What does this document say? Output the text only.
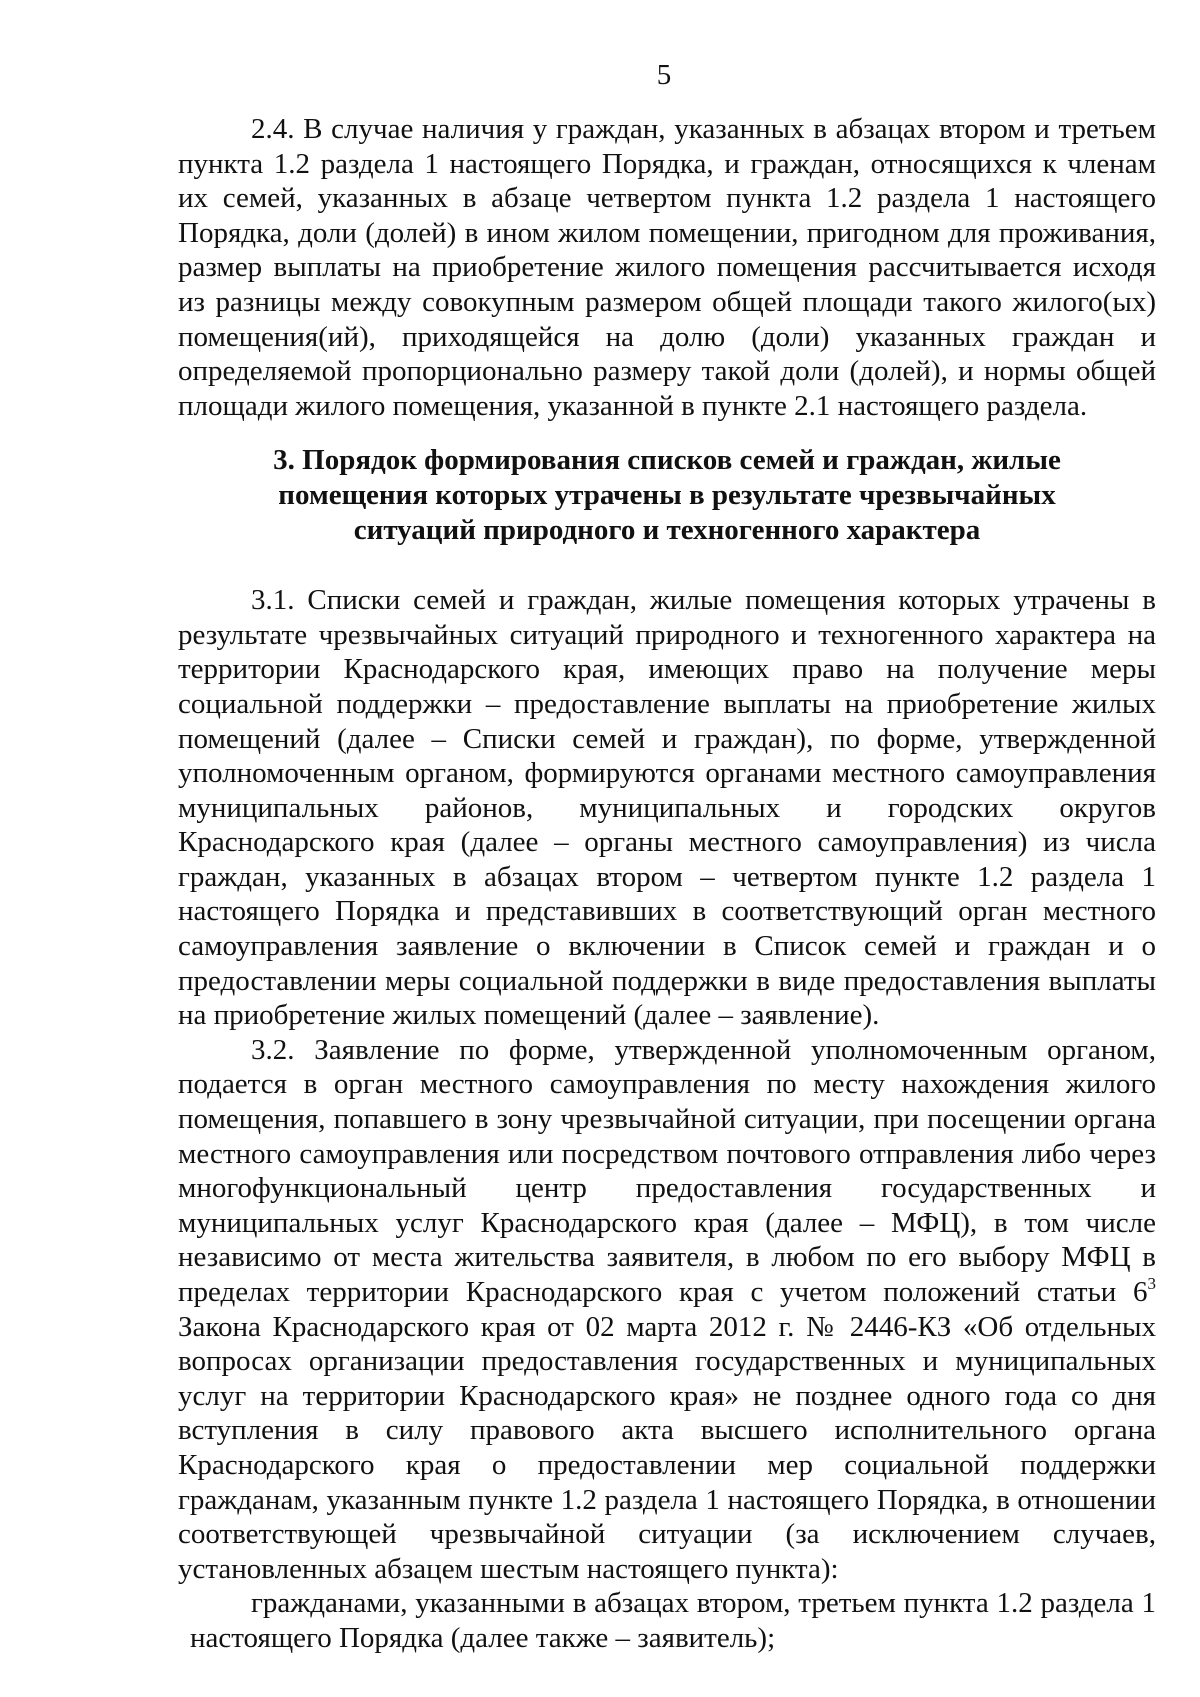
5

2.4. В случае наличия у граждан, указанных в абзацах втором и третьем пункта 1.2 раздела 1 настоящего Порядка, и граждан, относящихся к членам их семей, указанных в абзаце четвертом пункта 1.2 раздела 1 настоящего Порядка, доли (долей) в ином жилом помещении, пригодном для проживания, размер выплаты на приобретение жилого помещения рассчитывается исходя из разницы между совокупным размером общей площади такого жилого(ых) помещения(ий), приходящейся на долю (доли) указанных граждан и определяемой пропорционально размеру такой доли (долей), и нормы общей площади жилого помещения, указанной в пункте 2.1 настоящего раздела.

3. Порядок формирования списков семей и граждан, жилые
помещения которых утрачены в результате чрезвычайных
ситуаций природного и техногенного характера

3.1. Списки семей и граждан, жилые помещения которых утрачены в результате чрезвычайных ситуаций природного и техногенного характера на территории Краснодарского края, имеющих право на получение меры социальной поддержки – предоставление выплаты на приобретение жилых помещений (далее – Списки семей и граждан), по форме, утвержденной уполномоченным органом, формируются органами местного самоуправления муниципальных районов, муниципальных и городских округов Краснодарского края (далее – органы местного самоуправления) из числа граждан, указанных в абзацах втором – четвертом пункте 1.2 раздела 1 настоящего Порядка и представивших в соответствующий орган местного самоуправления заявление о включении в Список семей и граждан и о предоставлении меры социальной поддержки в виде предоставления выплаты на приобретение жилых помещений (далее – заявление).

3.2. Заявление по форме, утвержденной уполномоченным органом, подается в орган местного самоуправления по месту нахождения жилого помещения, попавшего в зону чрезвычайной ситуации, при посещении органа местного самоуправления или посредством почтового отправления либо через многофункциональный центр предоставления государственных и муниципальных услуг Краснодарского края (далее – МФЦ), в том числе независимо от места жительства заявителя, в любом по его выбору МФЦ в пределах территории Краснодарского края с учетом положений статьи $6^3$ Закона Краснодарского края от 02 марта 2012 г. № 2446-КЗ «Об отдельных вопросах организации предоставления государственных и муниципальных услуг на территории Краснодарского края» не позднее одного года со дня вступления в силу правового акта высшего исполнительного органа Краснодарского края о предоставлении мер социальной поддержки гражданам, указанным пункте 1.2 раздела 1 настоящего Порядка, в отношении соответствующей чрезвычайной ситуации (за исключением случаев, установленных абзацем шестым настоящего пункта):

гражданами, указанными в абзацах втором, третьем пункта 1.2 раздела 1 настоящего Порядка (далее также – заявитель);
